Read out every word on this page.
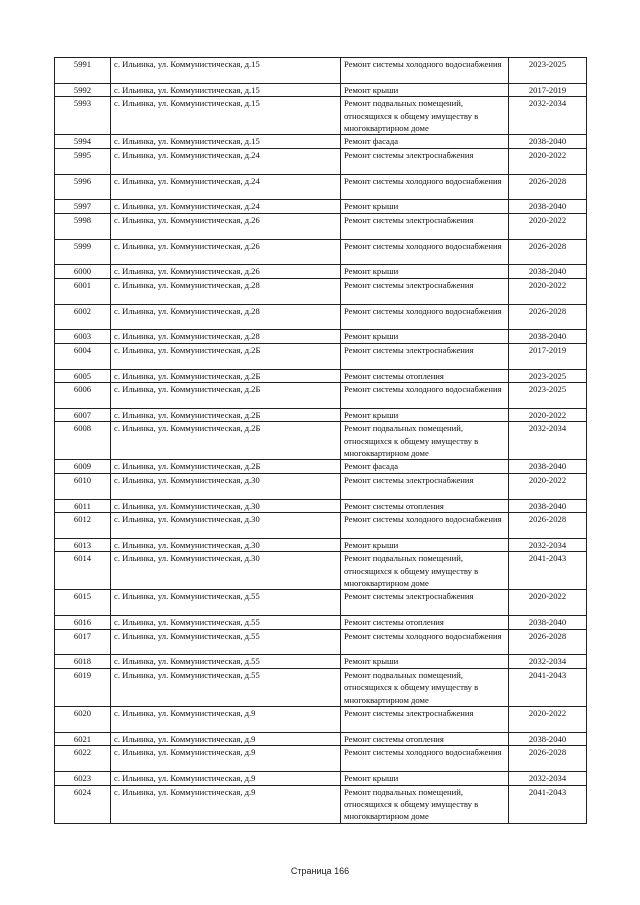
5991	с. Ильинка, ул. Коммунистическая, д.15	Ремонт системы холодного водоснабжения	2023-2025
5992	с. Ильинка, ул. Коммунистическая, д.15	Ремонт крыши	2017-2019
5993	с. Ильинка, ул. Коммунистическая, д.15	Ремонт подвальных помещений, относящихся к общему имуществу в многоквартирном доме	2032-2034
5994	с. Ильинка, ул. Коммунистическая, д.15	Ремонт фасада	2038-2040
5995	с. Ильинка, ул. Коммунистическая, д.24	Ремонт системы электроснабжения	2020-2022
5996	с. Ильинка, ул. Коммунистическая, д.24	Ремонт системы холодного водоснабжения	2026-2028
5997	с. Ильинка, ул. Коммунистическая, д.24	Ремонт крыши	2038-2040
5998	с. Ильинка, ул. Коммунистическая, д.26	Ремонт системы электроснабжения	2020-2022
5999	с. Ильинка, ул. Коммунистическая, д.26	Ремонт системы холодного водоснабжения	2026-2028
6000	с. Ильинка, ул. Коммунистическая, д.26	Ремонт крыши	2038-2040
6001	с. Ильинка, ул. Коммунистическая, д.28	Ремонт системы электроснабжения	2020-2022
6002	с. Ильинка, ул. Коммунистическая, д.28	Ремонт системы холодного водоснабжения	2026-2028
6003	с. Ильинка, ул. Коммунистическая, д.28	Ремонт крыши	2038-2040
6004	с. Ильинка, ул. Коммунистическая, д.2Б	Ремонт системы электроснабжения	2017-2019
6005	с. Ильинка, ул. Коммунистическая, д.2Б	Ремонт системы отопления	2023-2025
6006	с. Ильинка, ул. Коммунистическая, д.2Б	Ремонт системы холодного водоснабжения	2023-2025
6007	с. Ильинка, ул. Коммунистическая, д.2Б	Ремонт крыши	2020-2022
6008	с. Ильинка, ул. Коммунистическая, д.2Б	Ремонт подвальных помещений, относящихся к общему имуществу в многоквартирном доме	2032-2034
6009	с. Ильинка, ул. Коммунистическая, д.2Б	Ремонт фасада	2038-2040
6010	с. Ильинка, ул. Коммунистическая, д.30	Ремонт системы электроснабжения	2020-2022
6011	с. Ильинка, ул. Коммунистическая, д.30	Ремонт системы отопления	2038-2040
6012	с. Ильинка, ул. Коммунистическая, д.30	Ремонт системы холодного водоснабжения	2026-2028
6013	с. Ильинка, ул. Коммунистическая, д.30	Ремонт крыши	2032-2034
6014	с. Ильинка, ул. Коммунистическая, д.30	Ремонт подвальных помещений, относящихся к общему имуществу в многоквартирном доме	2041-2043
6015	с. Ильинка, ул. Коммунистическая, д.55	Ремонт системы электроснабжения	2020-2022
6016	с. Ильинка, ул. Коммунистическая, д.55	Ремонт системы отопления	2038-2040
6017	с. Ильинка, ул. Коммунистическая, д.55	Ремонт системы холодного водоснабжения	2026-2028
6018	с. Ильинка, ул. Коммунистическая, д.55	Ремонт крыши	2032-2034
6019	с. Ильинка, ул. Коммунистическая, д.55	Ремонт подвальных помещений, относящихся к общему имуществу в многоквартирном доме	2041-2043
6020	с. Ильинка, ул. Коммунистическая, д.9	Ремонт системы электроснабжения	2020-2022
6021	с. Ильинка, ул. Коммунистическая, д.9	Ремонт системы отопления	2038-2040
6022	с. Ильинка, ул. Коммунистическая, д.9	Ремонт системы холодного водоснабжения	2026-2028
6023	с. Ильинка, ул. Коммунистическая, д.9	Ремонт крыши	2032-2034
6024	с. Ильинка, ул. Коммунистическая, д.9	Ремонт подвальных помещений, относящихся к общему имуществу в многоквартирном доме	2041-2043
Страница 166
